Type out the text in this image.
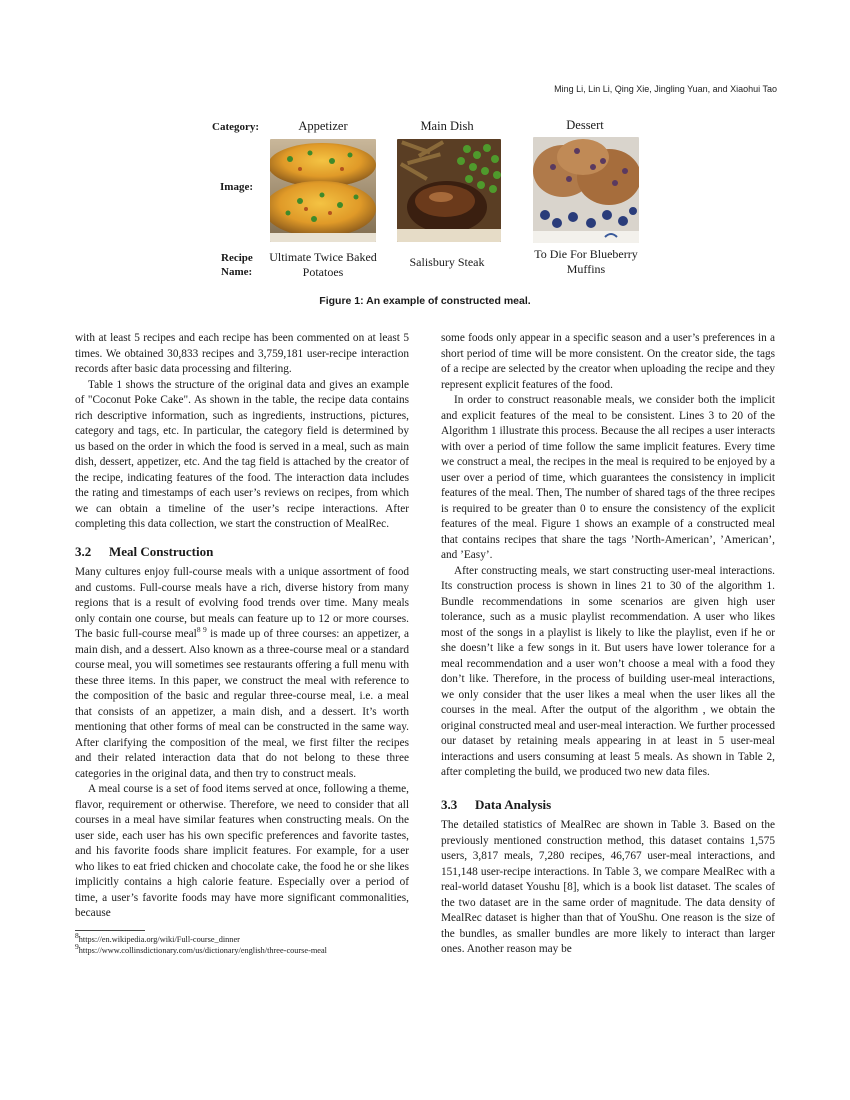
Ming Li, Lin Li, Qing Xie, Jingling Yuan, and Xiaohui Tao
Category:
Image:
Recipe
Name:
Appetizer	Main Dish	Dessert
Ultimate Twice Baked
Potatoes
Salisbury Steak
To Die For Blueberry
Muffins
Figure 1: An example of constructed meal.

with at least 5 recipes and each recipe has been commented on at least 5 times. We obtained 30,833 recipes and 3,759,181 user-recipe interaction records after basic data processing and filtering.

Table 1 shows the structure of the original data and gives an example of "Coconut Poke Cake". As shown in the table, the recipe data contains rich descriptive information, such as ingredients, instructions, pictures, category and tags, etc. In particular, the category field is determined by us based on the order in which the food is served in a meal, such as main dish, dessert, appetizer, etc. And the tag field is attached by the creator of the recipe, indicating features of the food. The interaction data includes the rating and timestamps of each user’s reviews on recipes, from which we can obtain a timeline of the user’s recipe interactions. After completing this data collection, we start the construction of MealRec.

3.2 Meal Construction

Many cultures enjoy full-course meals with a unique assortment of food and customs. Full-course meals have a rich, diverse history from many regions that is a result of evolving food trends over time. Many meals only contain one course, but meals can feature up to 12 or more courses. The basic full-course meal$^8$ $^9$ is made up of three courses: an appetizer, a main dish, and a dessert. Also known as a three-course meal or a standard course meal, you will sometimes see restaurants offering a full menu with these three items. In this paper, we construct the meal with reference to the composition of the basic and regular three-course meal, i.e. a meal that consists of an appetizer, a main dish, and a dessert. It’s worth mentioning that other forms of meal can be constructed in the same way. After clarifying the composition of the meal, we first filter the recipes and their related interaction data that do not belong to these three categories in the original data, and then try to construct meals.

A meal course is a set of food items served at once, following a theme, flavor, requirement or otherwise. Therefore, we need to consider that all courses in a meal have similar features when constructing meals. On the user side, each user has his own specific preferences and favorite tastes, and his favorite foods share implicit features. For example, for a user who likes to eat fried chicken and chocolate cake, the food he or she likes implicitly contains a high calorie feature. Especially over a period of time, a user’s favorite foods may have more significant commonalities, because

$^8$https://en.wikipedia.org/wiki/Full-course_dinner
$^9$https://www.collinsdictionary.com/us/dictionary/english/three-course-meal

some foods only appear in a specific season and a user’s preferences in a short period of time will be more consistent. On the creator side, the tags of a recipe are selected by the creator when uploading the recipe and they represent explicit features of the food.

In order to construct reasonable meals, we consider both the implicit and explicit features of the meal to be consistent. Lines 3 to 20 of the Algorithm 1 illustrate this process. Because the all recipes a user interacts with over a period of time follow the same implicit features. Every time we construct a meal, the recipes in the meal is required to be enjoyed by a user over a period of time, which guarantees the consistency in implicit features of the meal. Then, The number of shared tags of the three recipes is required to be greater than 0 to ensure the consistency of the explicit features of the meal. Figure 1 shows an example of a constructed meal that contains recipes that share the tags ’North-American’, ’American’, and ’Easy’.

After constructing meals, we start constructing user-meal interactions. Its construction process is shown in lines 21 to 30 of the algorithm 1. Bundle recommendations in some scenarios are given high user tolerance, such as a music playlist recommendation. A user who likes most of the songs in a playlist is likely to like the playlist, even if he or she doesn’t like a few songs in it. But users have lower tolerance for a meal recommendation and a user won’t choose a meal with a food they don’t like. Therefore, in the process of building user-meal interactions, we only consider that the user likes a meal when the user likes all the courses in the meal. After the output of the algorithm , we obtain the original constructed meal and user-meal interaction. We further processed our dataset by retaining meals appearing in at least in 5 user-meal interactions and users consuming at least 5 meals. As shown in Table 2, after completing the build, we produced two new data files.

3.3 Data Analysis

The detailed statistics of MealRec are shown in Table 3. Based on the previously mentioned construction method, this dataset contains 1,575 users, 3,817 meals, 7,280 recipes, 46,767 user-meal interactions, and 151,148 user-recipe interactions. In Table 3, we compare MealRec with a real-world dataset Youshu [8], which is a book list dataset. The scales of the two dataset are in the same order of magnitude. The data density of MealRec dataset is higher than that of YouShu. One reason is the size of the bundles, as smaller bundles are more likely to interact than larger ones. Another reason may be
